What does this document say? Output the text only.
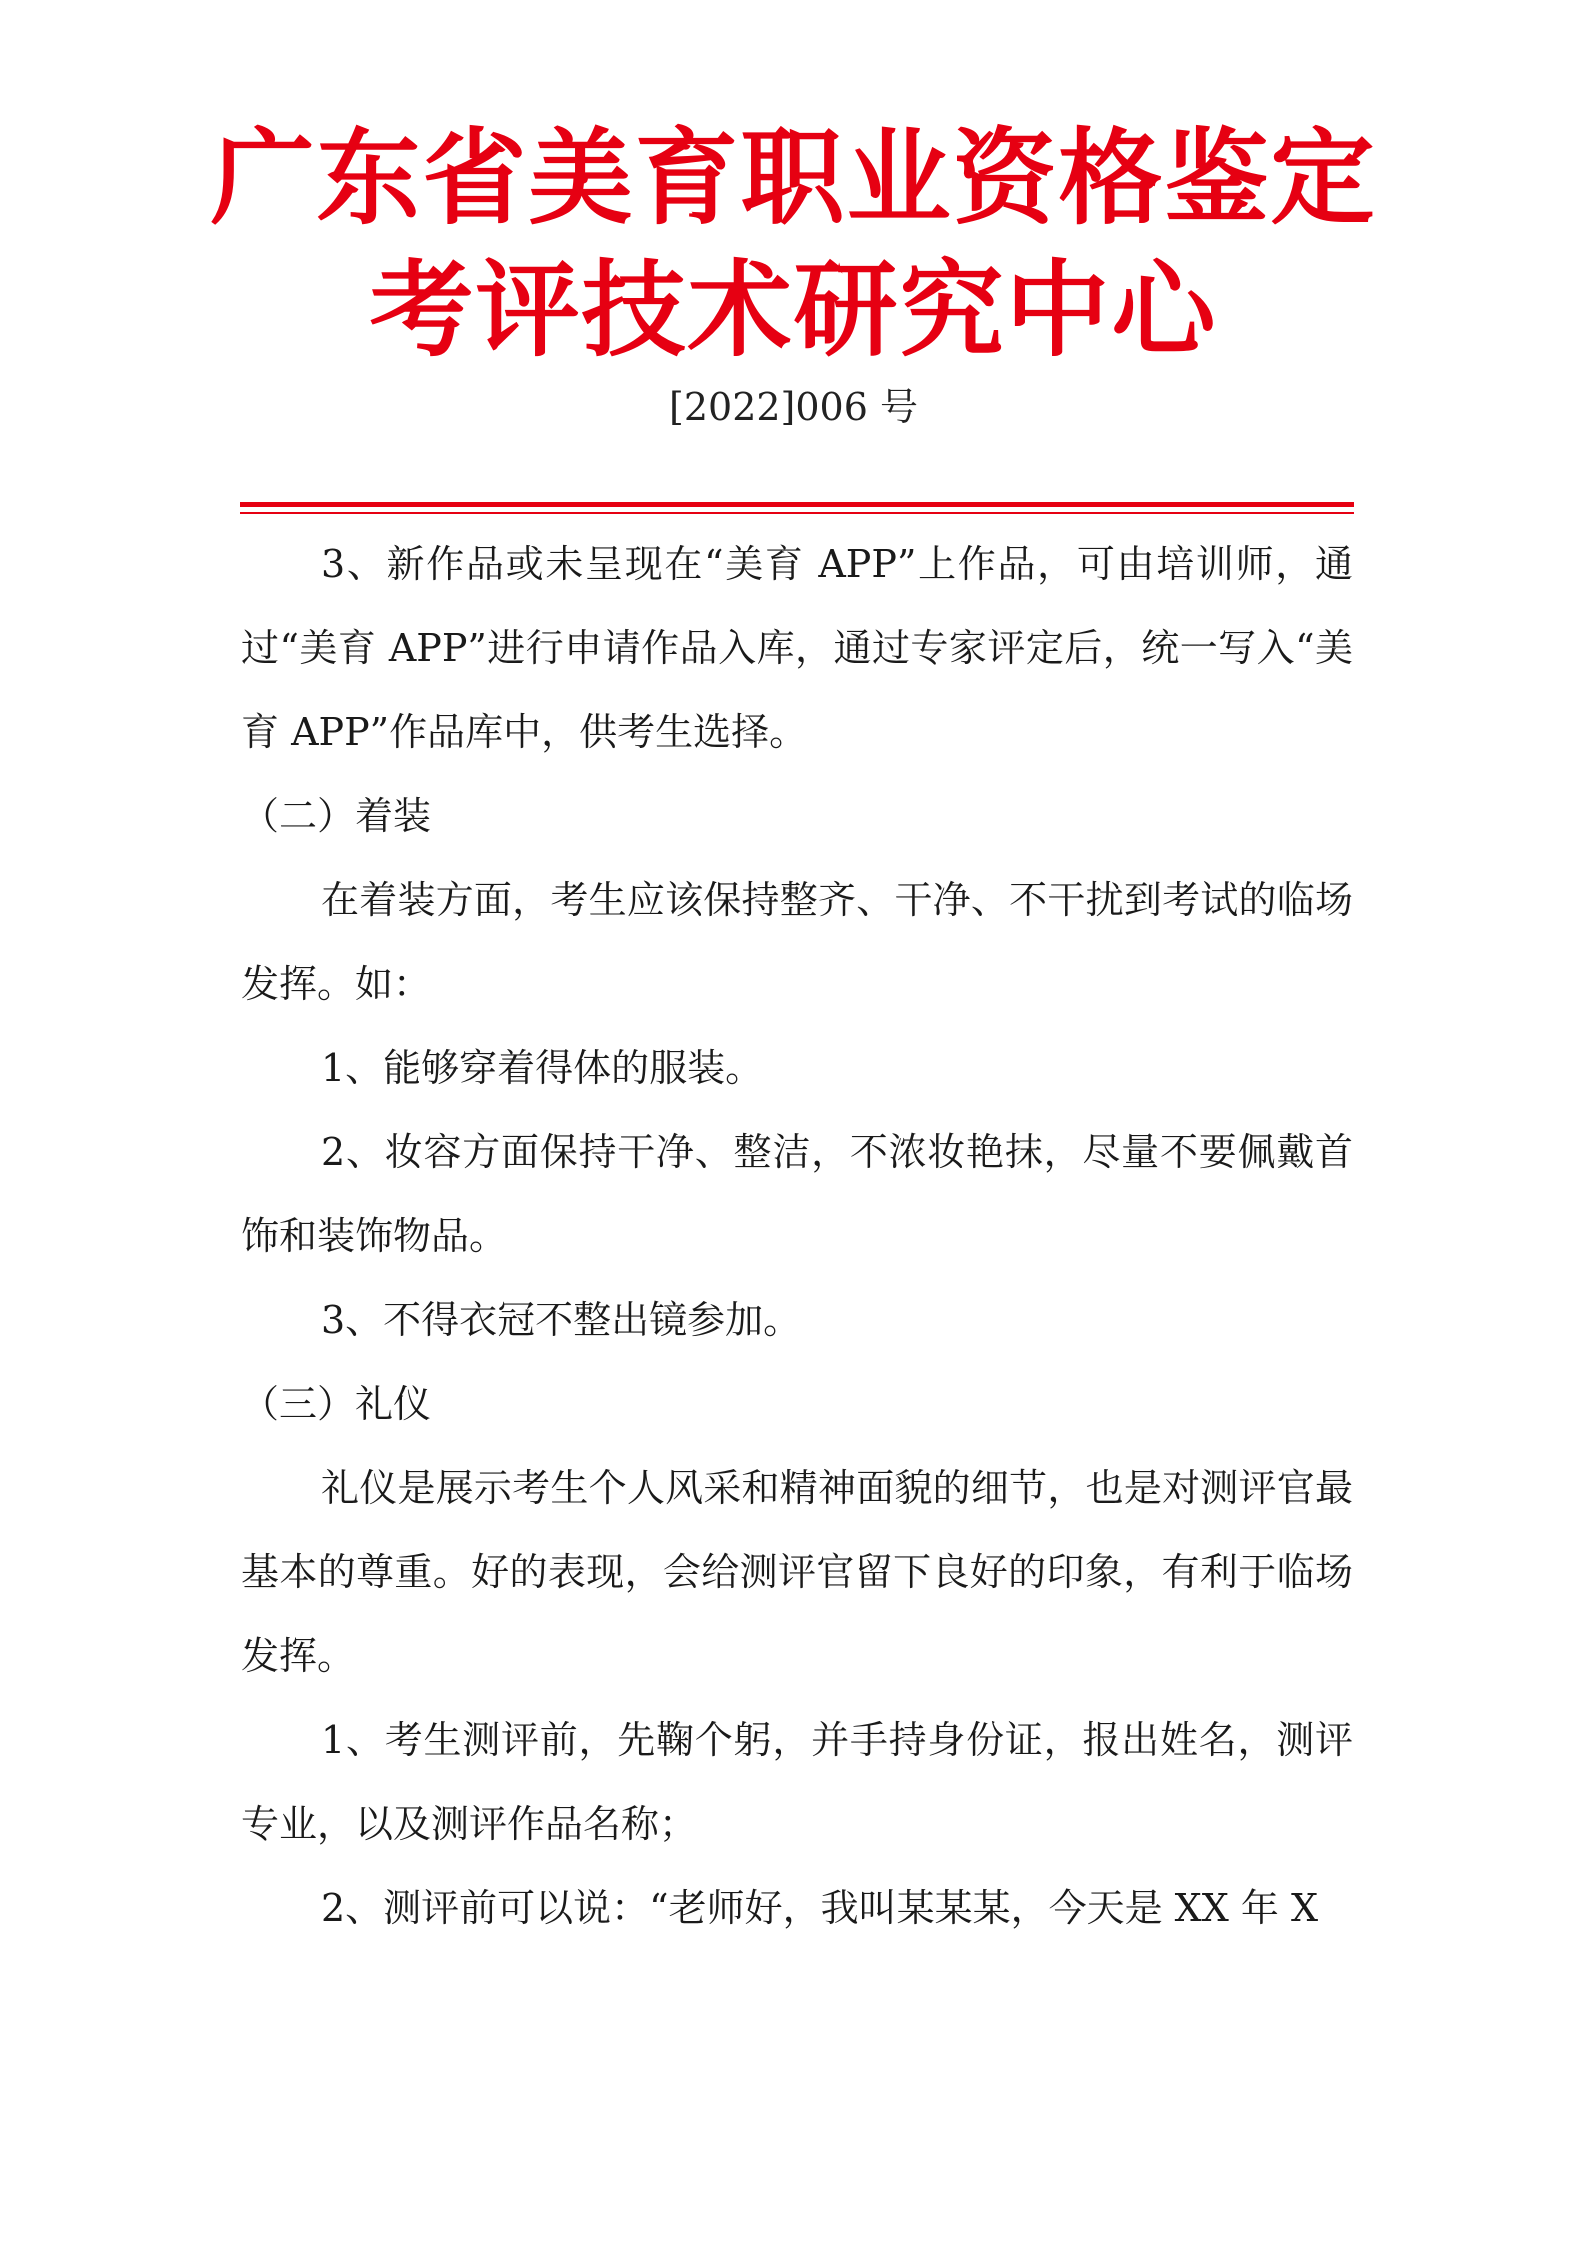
广东省美育职业资格鉴定
考评技术研究中心
[2022]006 号

3、新作品或未呈现在“美育 APP”上作品，可由培训师，通过“美育 APP”进行申请作品入库，通过专家评定后，统一写入“美育 APP”作品库中，供考生选择。

（二）着装

在着装方面，考生应该保持整齐、干净、不干扰到考试的临场发挥。如：

1、能够穿着得体的服装。

2、妆容方面保持干净、整洁，不浓妆艳抹，尽量不要佩戴首饰和装饰物品。

3、不得衣冠不整出镜参加。

（三）礼仪

礼仪是展示考生个人风采和精神面貌的细节，也是对测评官最基本的尊重。好的表现，会给测评官留下良好的印象，有利于临场发挥。

1、考生测评前，先鞠个躬，并手持身份证，报出姓名，测评专业，以及测评作品名称；

2、测评前可以说：“老师好，我叫某某某，今天是 XX 年 X
